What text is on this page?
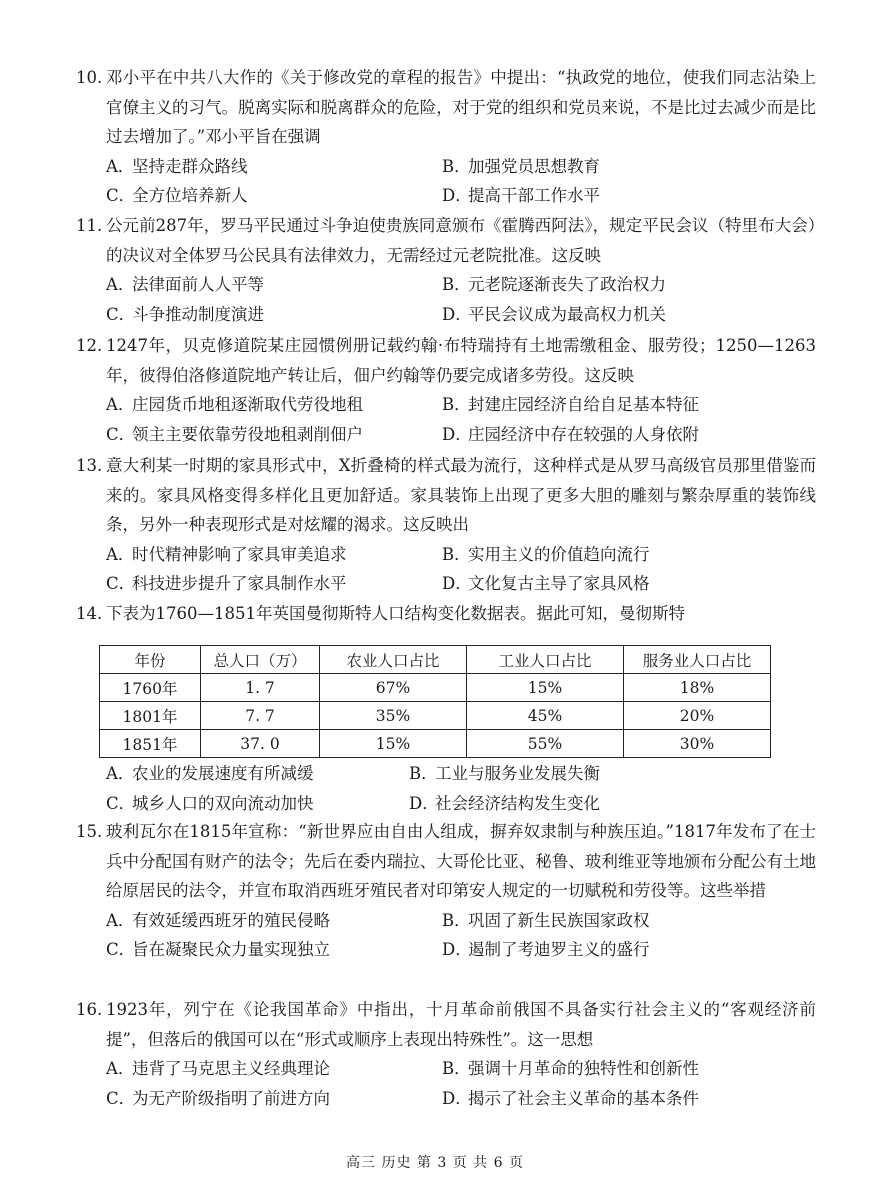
10. 邓小平在中共八大作的《关于修改党的章程的报告》中提出：“执政党的地位，使我们同志沾染上官僚主义的习气。脱离实际和脱离群众的危险，对于党的组织和党员来说，不是比过去减少而是比过去增加了。”邓小平旨在强调
A．坚持走群众路线	B．加强党员思想教育
C．全方位培养新人	D．提高干部工作水平
11. 公元前287年，罗马平民通过斗争迫使贵族同意颁布《霍腾西阿法》，规定平民会议（特里布大会）的决议对全体罗马公民具有法律效力，无需经过元老院批准。这反映
A．法律面前人人平等	B．元老院逐渐丧失了政治权力
C．斗争推动制度演进	D．平民会议成为最高权力机关
12. 1247年，贝克修道院某庄园惯例册记载约翰·布特瑞持有土地需缴租金、服劳役；1250—1263年，彼得伯洛修道院地产转让后，佃户约翰等仍要完成诸多劳役。这反映
A．庄园货币地租逐渐取代劳役地租	B．封建庄园经济自给自足基本特征
C．领主主要依靠劳役地租剥削佃户	D．庄园经济中存在较强的人身依附
13. 意大利某一时期的家具形式中，X折叠椅的样式最为流行，这种样式是从罗马高级官员那里借鉴而来的。家具风格变得多样化且更加舒适。家具装饰上出现了更多大胆的雕刻与繁杂厚重的装饰线条，另外一种表现形式是对炫耀的渴求。这反映出
A．时代精神影响了家具审美追求	B．实用主义的价值趋向流行
C．科技进步提升了家具制作水平	D．文化复古主导了家具风格
14. 下表为1760—1851年英国曼彻斯特人口结构变化数据表。据此可知，曼彻斯特
年份	总人口（万）	农业人口占比	工业人口占比	服务业人口占比
1760年	1. 7	67%	15%	18%
1801年	7. 7	35%	45%	20%
1851年	37. 0	15%	55%	30%
A．农业的发展速度有所减缓	B．工业与服务业发展失衡
C．城乡人口的双向流动加快	D．社会经济结构发生变化
15. 玻利瓦尔在1815年宣称：“新世界应由自由人组成，摒弃奴隶制与种族压迫。”1817年发布了在士兵中分配国有财产的法令；先后在委内瑞拉、大哥伦比亚、秘鲁、玻利维亚等地颁布分配公有土地给原居民的法令，并宣布取消西班牙殖民者对印第安人规定的一切赋税和劳役等。这些举措
A．有效延缓西班牙的殖民侵略	B．巩固了新生民族国家政权
C．旨在凝聚民众力量实现独立	D．遏制了考迪罗主义的盛行
16. 1923年，列宁在《论我国革命》中指出，十月革命前俄国不具备实行社会主义的“客观经济前提”，但落后的俄国可以在“形式或顺序上表现出特殊性”。这一思想
A．违背了马克思主义经典理论	B．强调十月革命的独特性和创新性
C．为无产阶级指明了前进方向	D．揭示了社会主义革命的基本条件
高三 历史 第 3 页 共 6 页
